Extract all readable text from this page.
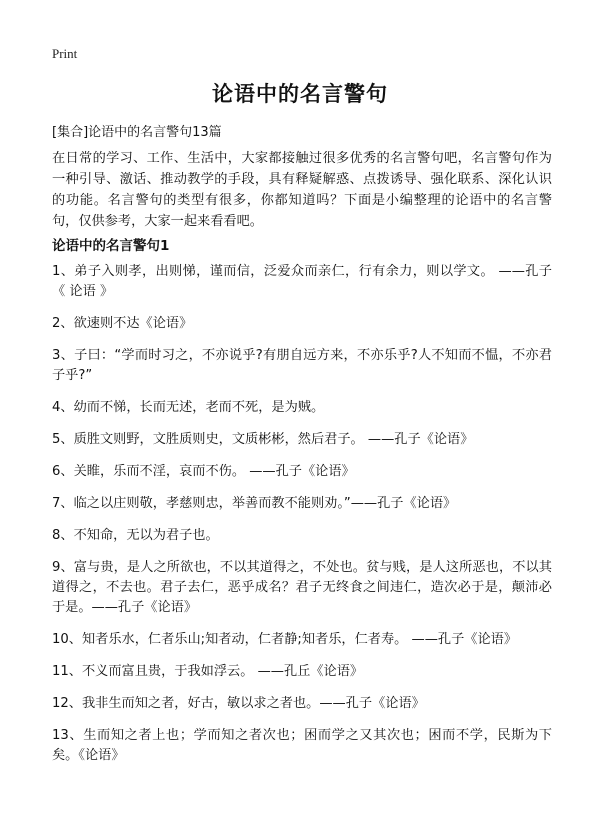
Print
论语中的名言警句
[集合]论语中的名言警句13篇
在日常的学习、工作、生活中，大家都接触过很多优秀的名言警句吧，名言警句作为一种引导、激话、推动教学的手段，具有释疑解惑、点拨诱导、强化联系、深化认识的功能。名言警句的类型有很多，你都知道吗？下面是小编整理的论语中的名言警句，仅供参考，大家一起来看看吧。
论语中的名言警句1
1、弟子入则孝，出则悌，谨而信，泛爱众而亲仁，行有余力，则以学文。 ——孔子《 论语 》
2、欲速则不达《论语》
3、子曰：“学而时习之，不亦说乎?有朋自远方来，不亦乐乎?人不知而不愠，不亦君子乎?”
4、幼而不悌，长而无述，老而不死，是为贼。
5、质胜文则野，文胜质则史，文质彬彬，然后君子。 ——孔子《论语》
6、关睢，乐而不淫，哀而不伤。 ——孔子《论语》
7、临之以庄则敬，孝慈则忠，举善而教不能则劝。”——孔子《论语》
8、不知命，无以为君子也。
9、富与贵，是人之所欲也，不以其道得之，不处也。贫与贱，是人这所恶也，不以其道得之，不去也。君子去仁，恶乎成名？君子无终食之间违仁，造次必于是，颠沛必于是。——孔子《论语》
10、知者乐水，仁者乐山;知者动，仁者静;知者乐，仁者寿。 ——孔子《论语》
11、不义而富且贵，于我如浮云。 ——孔丘《论语》
12、我非生而知之者，好古，敏以求之者也。——孔子《论语》
13、生而知之者上也；学而知之者次也；困而学之又其次也；困而不学，民斯为下矣。《论语》
